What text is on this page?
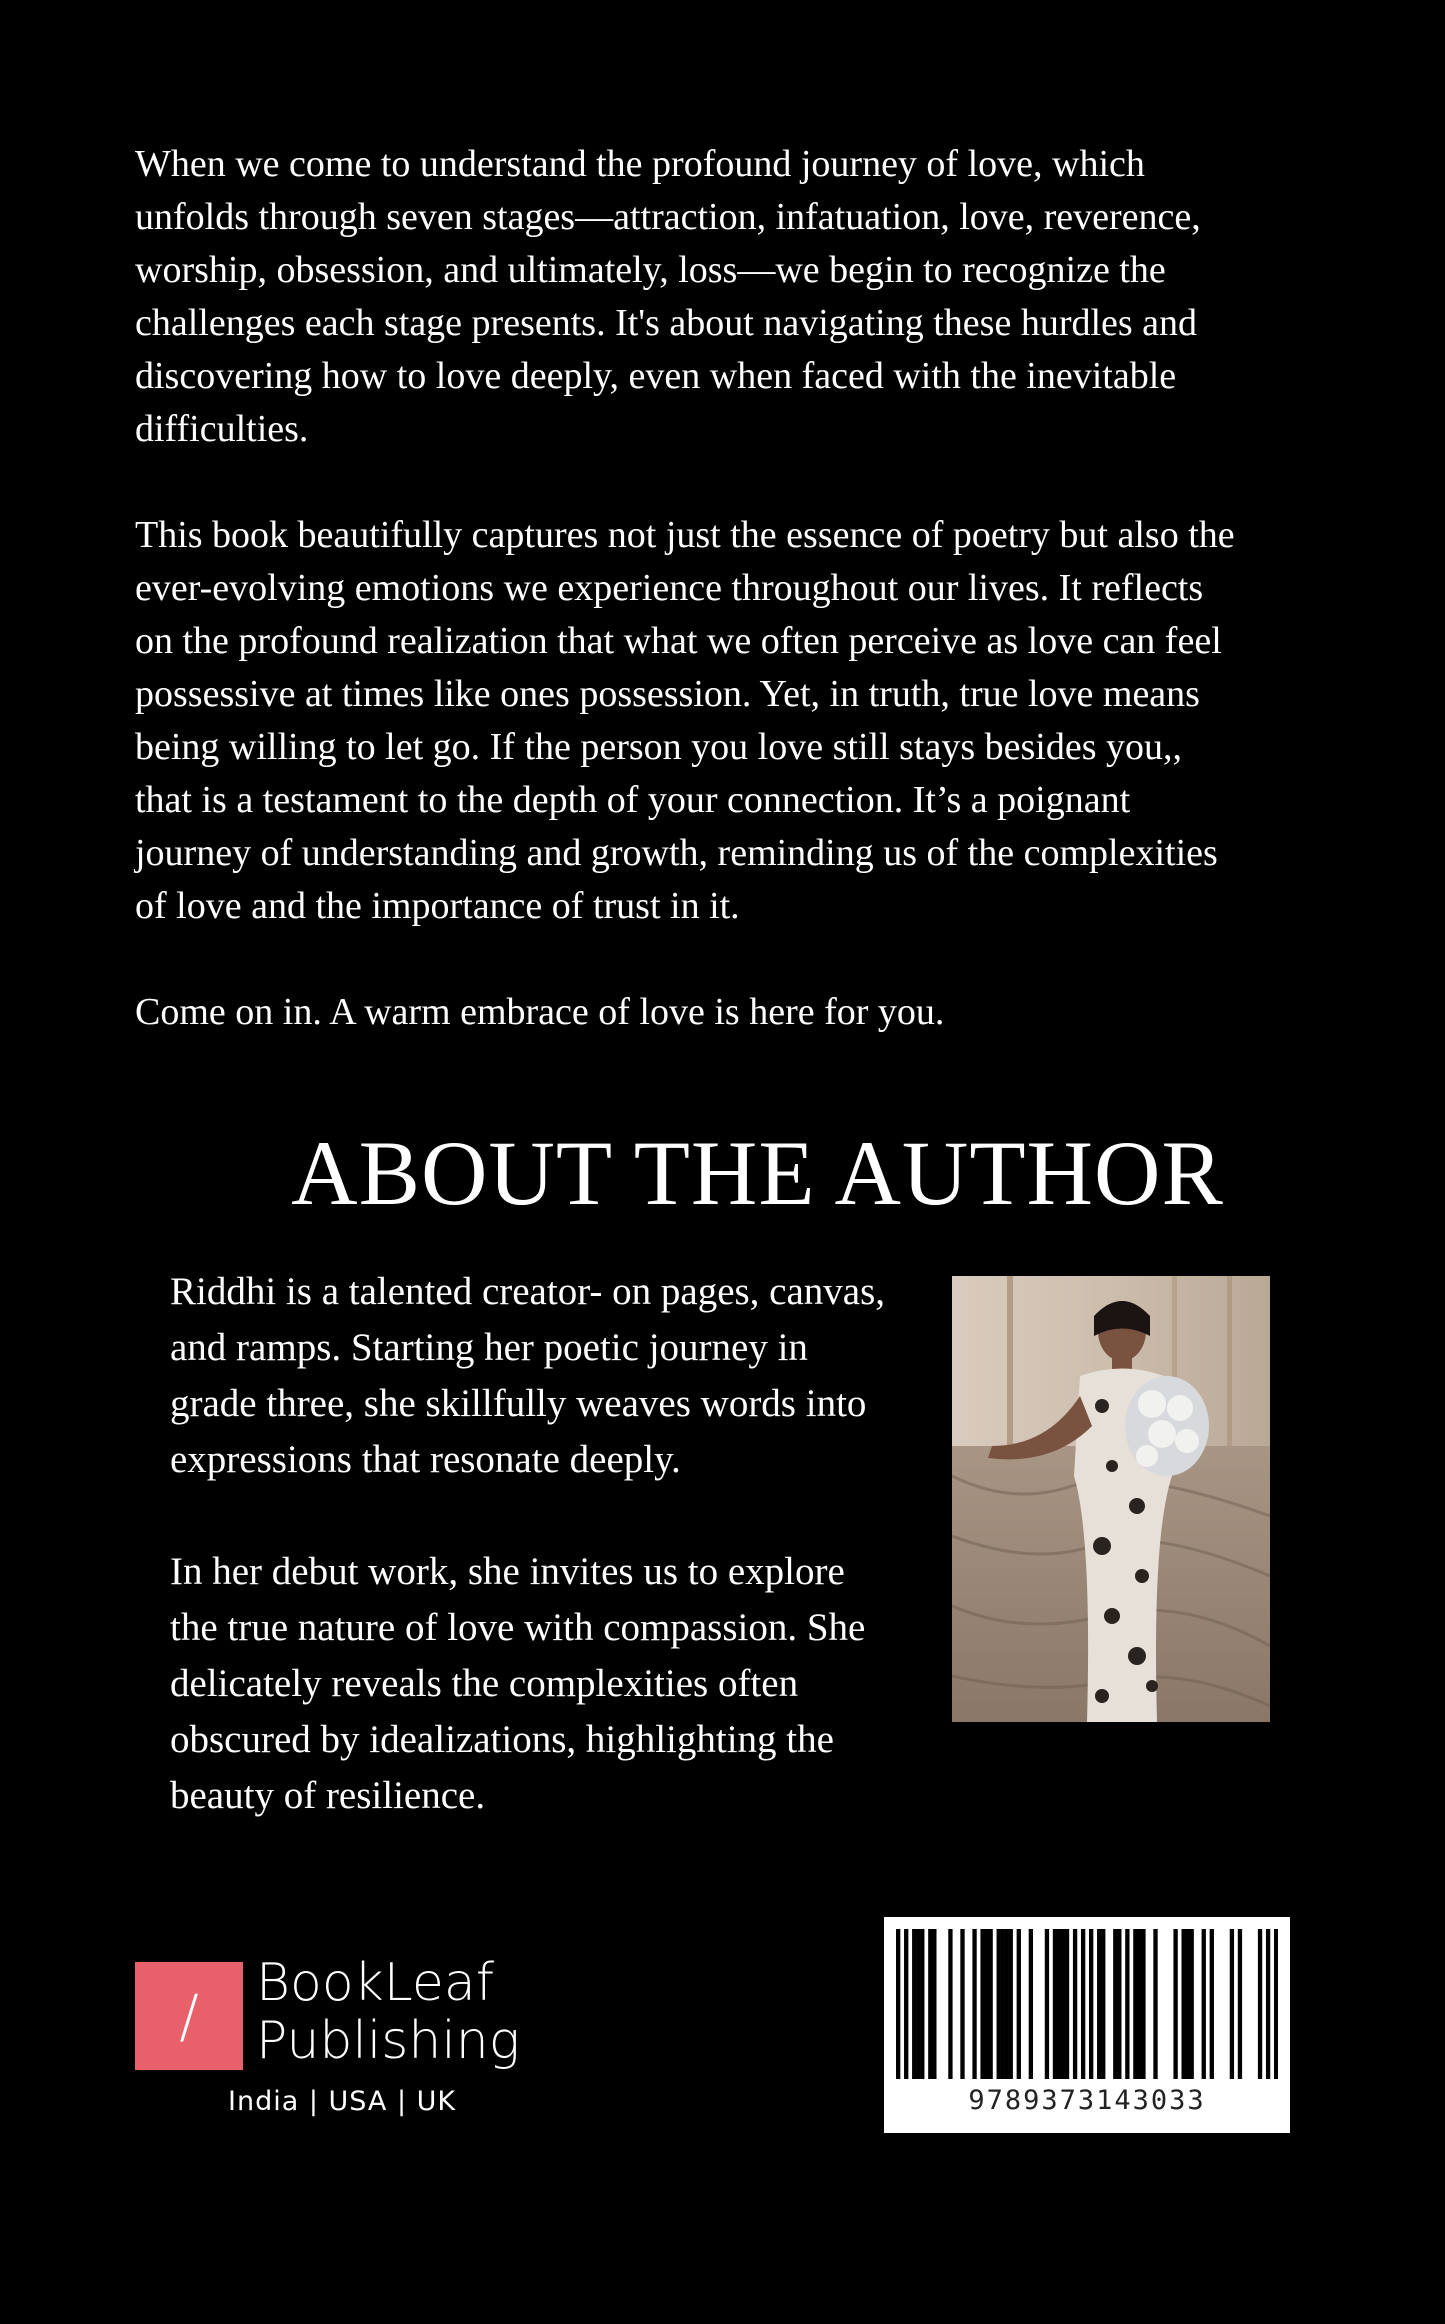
When we come to understand the profound journey of love, which unfolds through seven stages—attraction, infatuation, love, reverence, worship, obsession, and ultimately, loss—we begin to recognize the challenges each stage presents. It's about navigating these hurdles and discovering how to love deeply, even when faced with the inevitable difficulties.

This book beautifully captures not just the essence of poetry but also the ever-evolving emotions we experience throughout our lives. It reflects on the profound realization that what we often perceive as love can feel possessive at times like ones possession. Yet, in truth, true love means being willing to let go. If the person you love still stays besides you,, that is a testament to the depth of your connection. It’s a poignant journey of understanding and growth, reminding us of the complexities of love and the importance of trust in it.

Come on in. A warm embrace of love is here for you.

ABOUT THE AUTHOR

Riddhi is a talented creator- on pages, canvas, and ramps. Starting her poetic journey in grade three, she skillfully weaves words into expressions that resonate deeply.

In her debut work, she invites us to explore the true nature of love with compassion. She delicately reveals the complexities often obscured by idealizations, highlighting the beauty of resilience.

/	BookLeaf
Publishing
India | USA | UK	9789373143033
